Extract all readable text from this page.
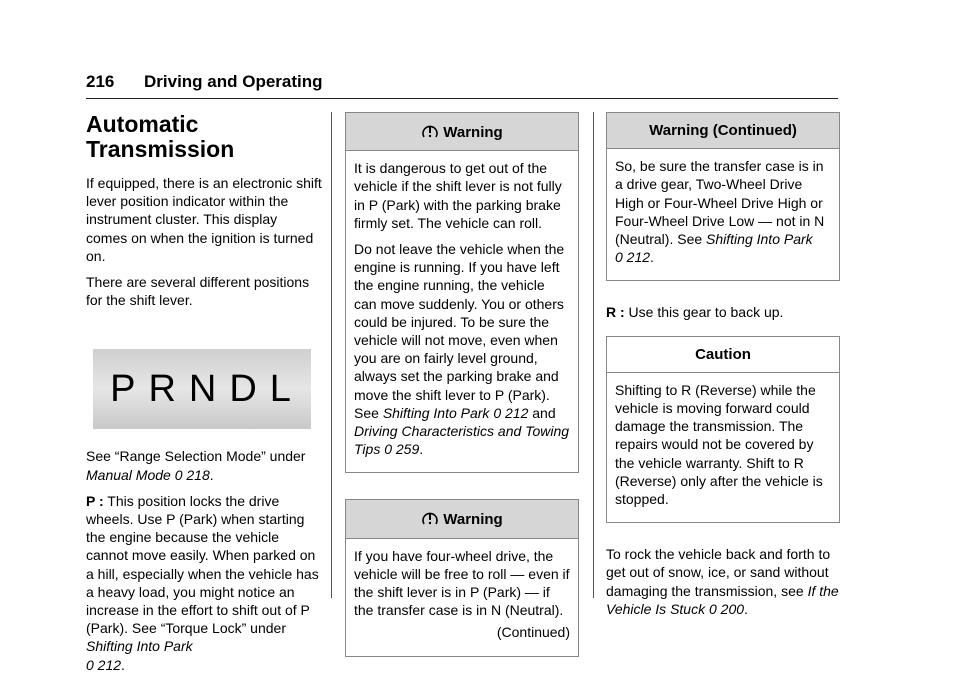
216 Driving and Operating
Automatic
Transmission

If equipped, there is an electronic shift lever position indicator within the instrument cluster. This display comes on when the ignition is turned on.

There are several different positions for the shift lever.

PRNDL

See “Range Selection Mode” under Manual Mode 0 218.

P : This position locks the drive wheels. Use P (Park) when starting the engine because the vehicle cannot move easily. When parked on a hill, especially when the vehicle has a heavy load, you might notice an increase in the effort to shift out of P (Park). See “Torque Lock” under Shifting Into Park
0 212.

Warning

It is dangerous to get out of the vehicle if the shift lever is not fully in P (Park) with the parking brake firmly set. The vehicle can roll.

Do not leave the vehicle when the engine is running. If you have left the engine running, the vehicle can move suddenly. You or others could be injured. To be sure the vehicle will not move, even when you are on fairly level ground, always set the parking brake and move the shift lever to P (Park). See Shifting Into Park 0 212 and Driving Characteristics and Towing Tips 0 259.

Warning

If you have four-wheel drive, the vehicle will be free to roll — even if the shift lever is in P (Park) — if the transfer case is in N (Neutral).

(Continued)

Warning (Continued)

So, be sure the transfer case is in a drive gear, Two-Wheel Drive High or Four-Wheel Drive High or Four-Wheel Drive Low — not in N (Neutral). See Shifting Into Park
0 212.

R : Use this gear to back up.

Caution

Shifting to R (Reverse) while the vehicle is moving forward could damage the transmission. The repairs would not be covered by the vehicle warranty. Shift to R (Reverse) only after the vehicle is stopped.

To rock the vehicle back and forth to get out of snow, ice, or sand without damaging the transmission, see If the Vehicle Is Stuck 0 200.
